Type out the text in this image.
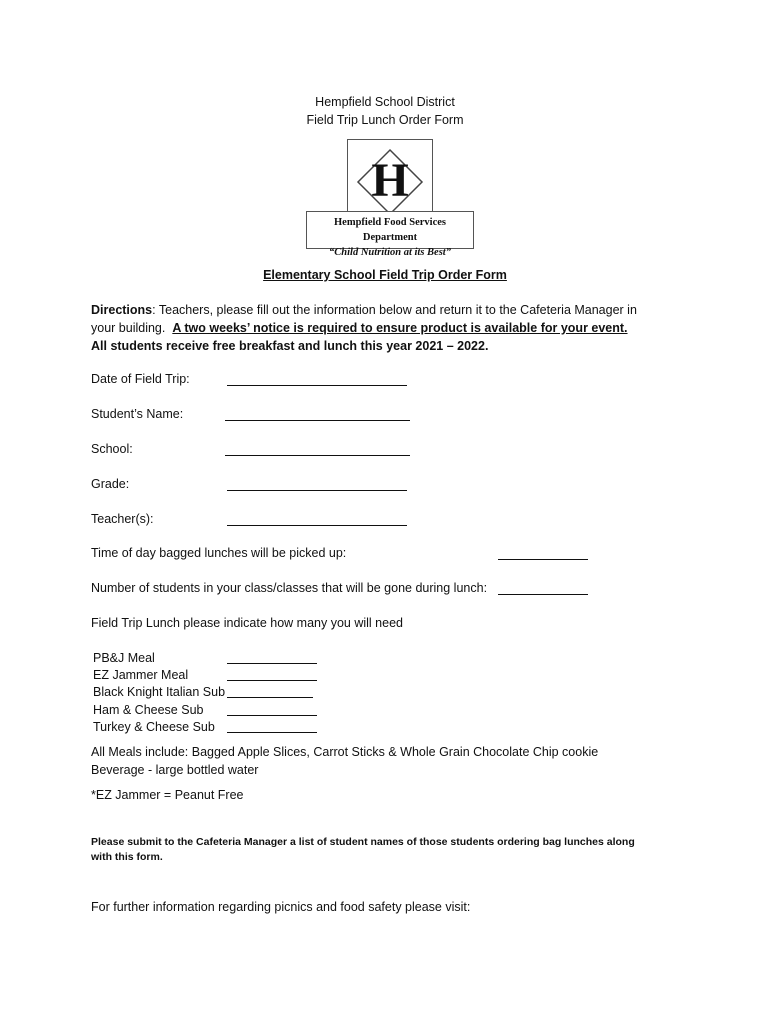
Hempfield School District
Field Trip Lunch Order Form
H
Hempfield Food Services Department
“Child Nutrition at its Best”
Elementary School Field Trip Order Form
Directions: Teachers, please fill out the information below and return it to the Cafeteria Manager in
your building. A two weeks’ notice is required to ensure product is available for your event.
All students receive free breakfast and lunch this year 2021 – 2022.
Date of Field Trip:
Student’s Name:
School:
Grade:
Teacher(s):
Time of day bagged lunches will be picked up:
Number of students in your class/classes that will be gone during lunch:
Field Trip Lunch please indicate how many you will need
PB&J Meal
EZ Jammer Meal
Black Knight Italian Sub
Ham & Cheese Sub
Turkey & Cheese Sub
All Meals include: Bagged Apple Slices, Carrot Sticks & Whole Grain Chocolate Chip cookie
Beverage - large bottled water
*EZ Jammer = Peanut Free
Please submit to the Cafeteria Manager a list of student names of those students ordering bag lunches along
with this form.
For further information regarding picnics and food safety please visit:
